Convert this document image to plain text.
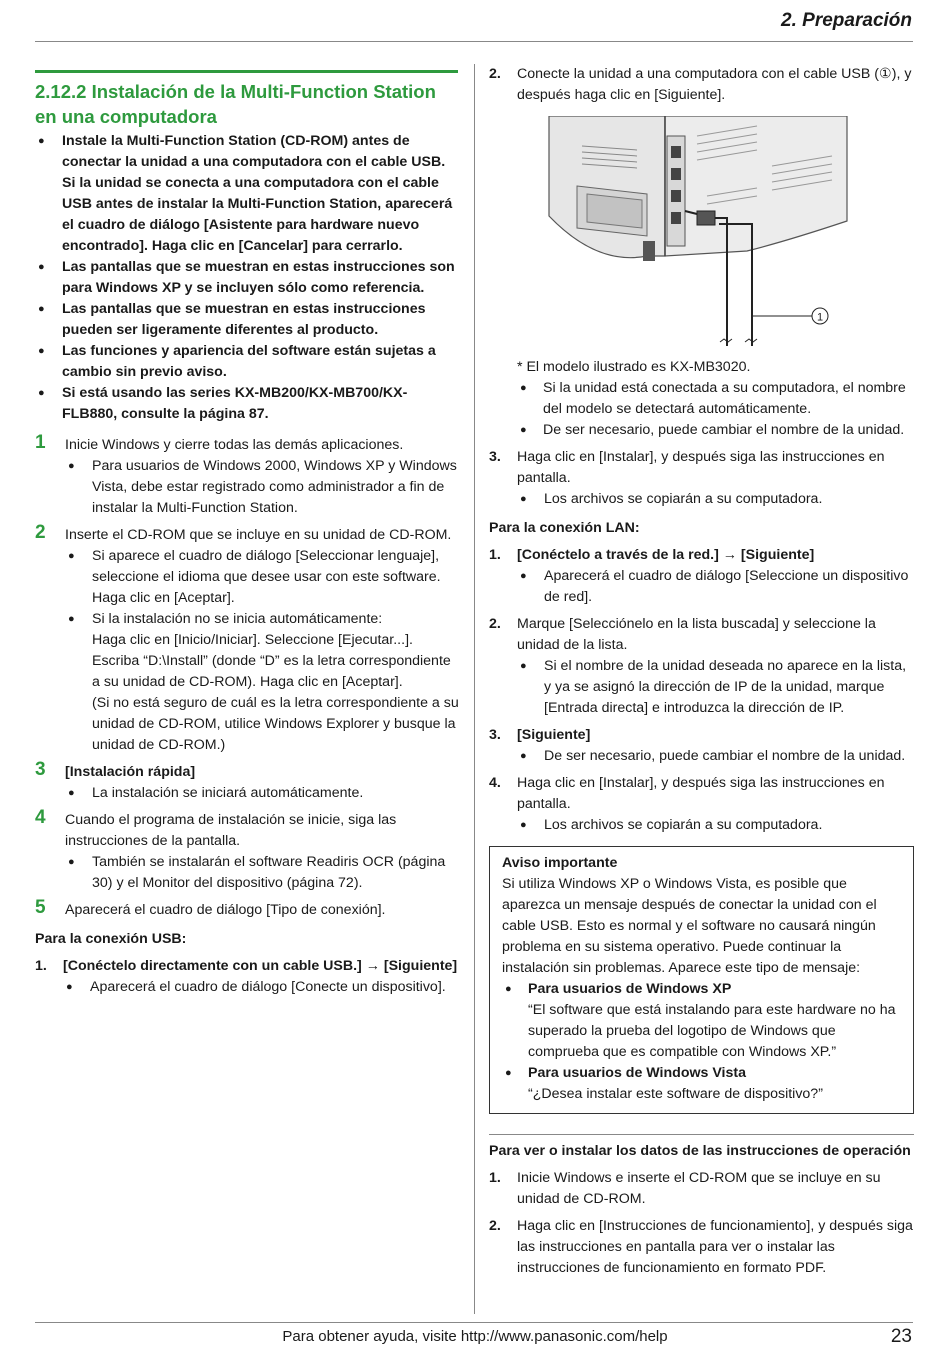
2. Preparación
2.12.2 Instalación de la Multi-Function Station en una computadora
● Instale la Multi-Function Station (CD-ROM) antes de conectar la unidad a una computadora con el cable USB. Si la unidad se conecta a una computadora con el cable USB antes de instalar la Multi-Function Station, aparecerá el cuadro de diálogo [Asistente para hardware nuevo encontrado]. Haga clic en [Cancelar] para cerrarlo.
● Las pantallas que se muestran en estas instrucciones son para Windows XP y se incluyen sólo como referencia.
● Las pantallas que se muestran en estas instrucciones pueden ser ligeramente diferentes al producto.
● Las funciones y apariencia del software están sujetas a cambio sin previo aviso.
● Si está usando las series KX-MB200/KX-MB700/KX-FLB880, consulte la página 87.
1 Inicie Windows y cierre todas las demás aplicaciones.

● Para usuarios de Windows 2000, Windows XP y Windows Vista, debe estar registrado como administrador a fin de instalar la Multi-Function Station.
2 Inserte el CD-ROM que se incluye en su unidad de CD-ROM.

● Si aparece el cuadro de diálogo [Seleccionar lenguaje], seleccione el idioma que desee usar con este software. Haga clic en [Aceptar].

● Si la instalación no se inicia automáticamente:

Haga clic en [Inicio/Iniciar]. Seleccione [Ejecutar...]. Escriba “D:\Install” (donde “D” es la letra correspondiente a su unidad de CD-ROM). Haga clic en [Aceptar].

(Si no está seguro de cuál es la letra correspondiente a su unidad de CD-ROM, utilice Windows Explorer y busque la unidad de CD-ROM.)

3 [Instalación rápida]

● La instalación se iniciará automáticamente.
4 Cuando el programa de instalación se inicie, siga las instrucciones de la pantalla.

● También se instalarán el software Readiris OCR (página 30) y el Monitor del dispositivo (página 72).
5 Aparecerá el cuadro de diálogo [Tipo de conexión].

Para la conexión USB:

1. [Conéctelo directamente con un cable USB.] → [Siguiente]

● Aparecerá el cuadro de diálogo [Conecte un dispositivo].
2. Conecte la unidad a una computadora con el cable USB (①), y después haga clic en [Siguiente].

1

* El modelo ilustrado es KX-MB3020.

● Si la unidad está conectada a su computadora, el nombre del modelo se detectará automáticamente.
● De ser necesario, puede cambiar el nombre de la unidad.
3. Haga clic en [Instalar], y después siga las instrucciones en pantalla.

● Los archivos se copiarán a su computadora.

Para la conexión LAN:

1. [Conéctelo a través de la red.] → [Siguiente]

● Aparecerá el cuadro de diálogo [Seleccione un dispositivo de red].
2. Marque [Selecciónelo en la lista buscada] y seleccione la unidad de la lista.

● Si el nombre de la unidad deseada no aparece en la lista, y ya se asignó la dirección de IP de la unidad, marque [Entrada directa] e introduzca la dirección de IP.
3. [Siguiente]

● De ser necesario, puede cambiar el nombre de la unidad.
4. Haga clic en [Instalar], y después siga las instrucciones en pantalla.

● Los archivos se copiarán a su computadora.

Aviso importante

Si utiliza Windows XP o Windows Vista, es posible que aparezca un mensaje después de conectar la unidad con el cable USB. Esto es normal y el software no causará ningún problema en su sistema operativo. Puede continuar la instalación sin problemas. Aparece este tipo de mensaje:

● Para usuarios de Windows XP

“El software que está instalando para este hardware no ha superado la prueba del logotipo de Windows que comprueba que es compatible con Windows XP.”

● Para usuarios de Windows Vista

“¿Desea instalar este software de dispositivo?”

Para ver o instalar los datos de las instrucciones de operación

1. Inicie Windows e inserte el CD-ROM que se incluye en su unidad de CD-ROM.

2. Haga clic en [Instrucciones de funcionamiento], y después siga las instrucciones en pantalla para ver o instalar las instrucciones de funcionamiento en formato PDF.

Para obtener ayuda, visite http://www.panasonic.com/help	23
